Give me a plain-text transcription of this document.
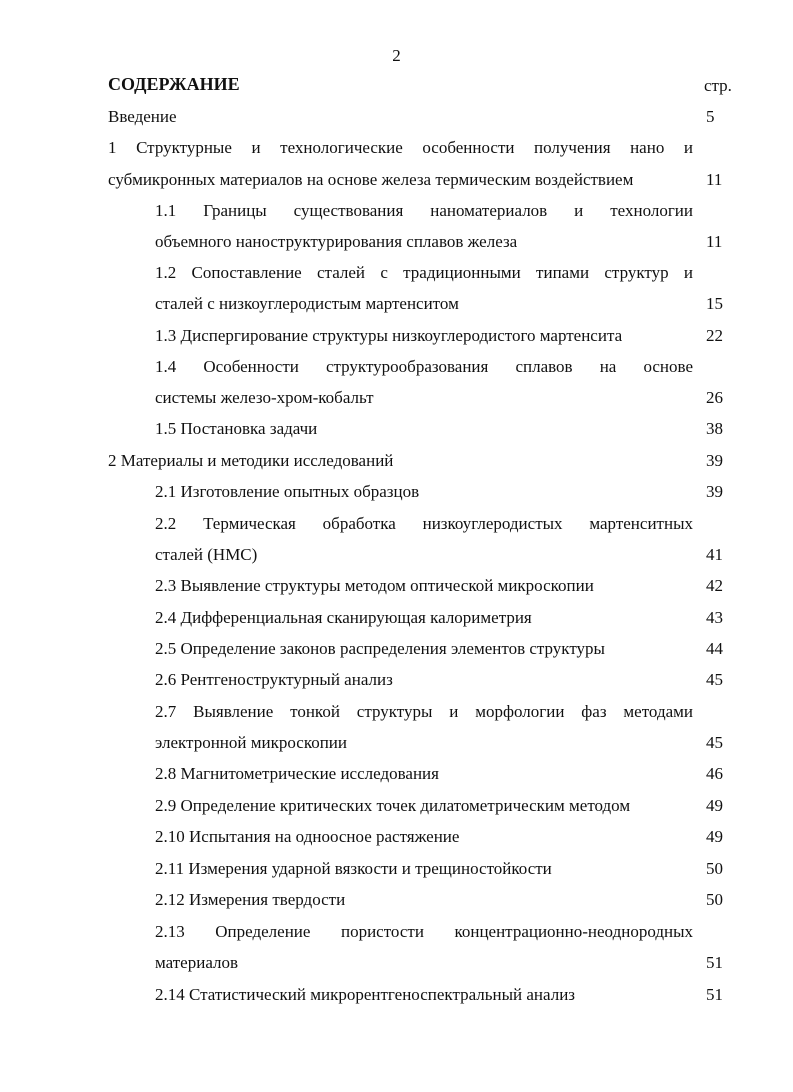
2
СОДЕРЖАНИЕ	стр.
Введение	5
1 Структурные и технологические особенности получения нано и
субмикронных материалов на основе железа термическим воздействием	11
1.1 Границы существования наноматериалов и технологии
объемного наноструктурирования сплавов железа	11
1.2 Сопоставление сталей с традиционными типами структур и
сталей с низкоуглеродистым мартенситом	15
1.3 Диспергирование структуры низкоуглеродистого мартенсита	22
1.4 Особенности структурообразования сплавов на основе
системы железо-хром-кобальт	26
1.5 Постановка задачи	38
2 Материалы и методики исследований	39
2.1 Изготовление опытных образцов	39
2.2 Термическая обработка низкоуглеродистых мартенситных
сталей (НМС)	41
2.3 Выявление структуры методом оптической микроскопии	42
2.4 Дифференциальная сканирующая калориметрия	43
2.5 Определение законов распределения элементов структуры	44
2.6 Рентгеноструктурный анализ	45
2.7 Выявление тонкой структуры и морфологии фаз методами
электронной микроскопии	45
2.8 Магнитометрические исследования	46
2.9 Определение критических точек дилатометрическим методом	49
2.10 Испытания на одноосное растяжение	49
2.11 Измерения ударной вязкости и трещиностойкости	50
2.12 Измерения твердости	50
2.13 Определение пористости концентрационно-неоднородных
материалов	51
2.14 Статистический микрорентгеноспектральный анализ	51
